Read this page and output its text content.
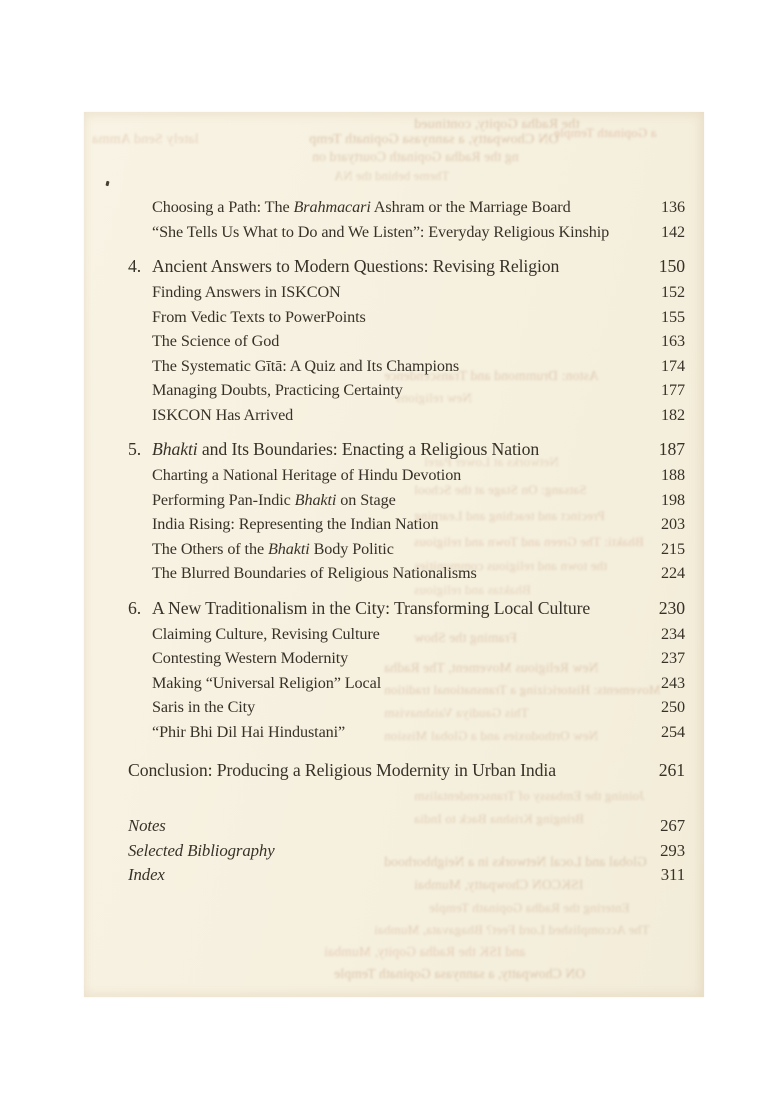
the Radha Gopity, continued
lately Send Amma	ON Chowpatty, a sannyasa Gopinath Temp
a Gopinath Temple
ng the Radha Gopinath Courtyard on
Theme behind the NA
Aston: Drummond and Transcendence
New religions
Networks at Lower Parel
Satsang: On Stage at the School
Precinct and teaching and Learning
Bhakti: The Green and Town and religious
the town and religious communities
Bhaktas and religious
Framing the Show
New Religious Movement, The Radha
Movements: Historicizing a Transnational tradition
This Gaudiya Vaishnavism
New Orthodoxies and a Global Mission
Joining the Embassy of Transcendentalism
Bringing Krishna Back to India
Global and Local Networks in a Neighborhood
ISKCON Chowpatty, Mumbai
Entering the Radha Gopinath Temple
The Accomplished Lord Feet? Bhagavata, Mumbai
and ISK the Radha Gopity, Mumbai
ON Chowpatty, a sannyasa Gopinath Temple
Choosing a Path: The Brahmacari Ashram or the Marriage Board	136
“She Tells Us What to Do and We Listen”: Everyday Religious Kinship	142
4. Ancient Answers to Modern Questions: Revising Religion	150
Finding Answers in ISKCON	152
From Vedic Texts to PowerPoints	155
The Science of God	163
The Systematic Gītā: A Quiz and Its Champions	174
Managing Doubts, Practicing Certainty	177
ISKCON Has Arrived	182
5. Bhakti and Its Boundaries: Enacting a Religious Nation	187
Charting a National Heritage of Hindu Devotion	188
Performing Pan-Indic Bhakti on Stage	198
India Rising: Representing the Indian Nation	203
The Others of the Bhakti Body Politic	215
The Blurred Boundaries of Religious Nationalisms	224
6. A New Traditionalism in the City: Transforming Local Culture	230
Claiming Culture, Revising Culture	234
Contesting Western Modernity	237
Making “Universal Religion” Local	243
Saris in the City	250
“Phir Bhi Dil Hai Hindustani”	254
Conclusion: Producing a Religious Modernity in Urban India	261
Notes	267
Selected Bibliography	293
Index	311
